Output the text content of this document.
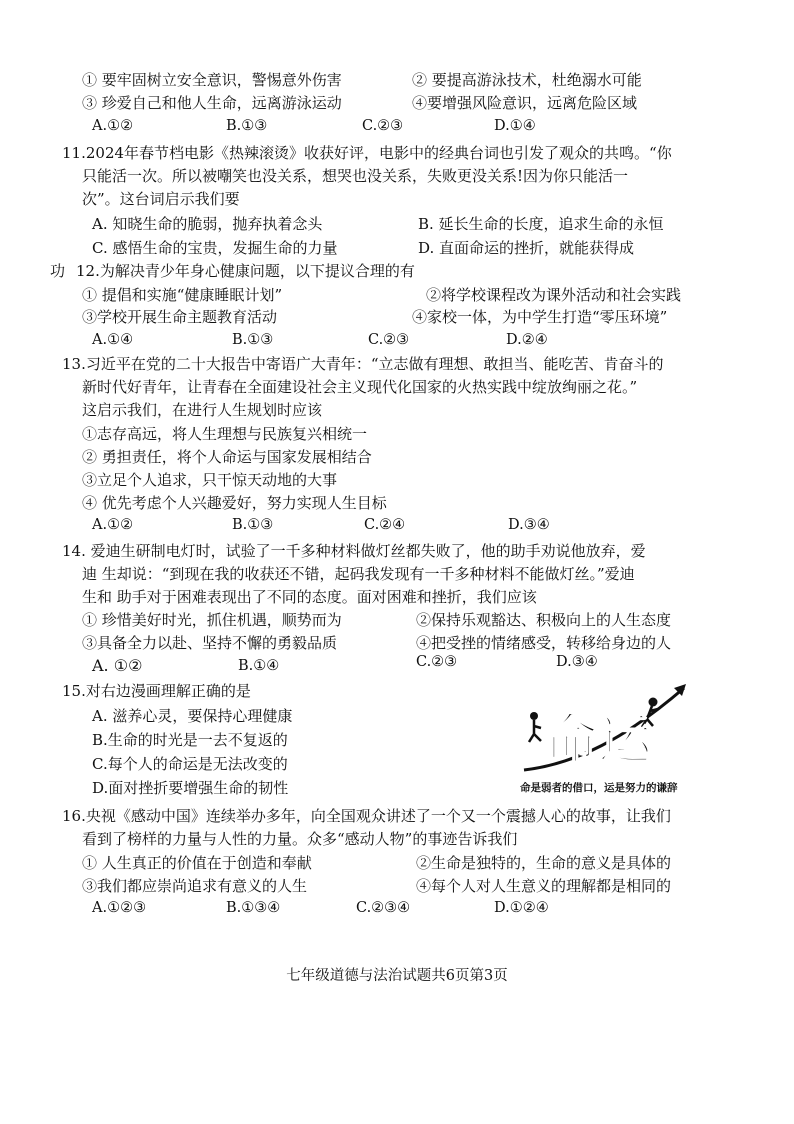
① 要牢固树立安全意识，警惕意外伤害	② 要提高游泳技术，杜绝溺水可能
③ 珍爱自己和他人生命，远离游泳运动	④要增强风险意识，远离危险区域
A.①②	B.①③	C.②③	D.①④
11.2024年春节档电影《热辣滚烫》收获好评，电影中的经典台词也引发了观众的共鸣。“你
只能活一次。所以被嘲笑也没关系，想哭也没关系，失败更没关系!因为你只能活一
次”。这台词启示我们要
A. 知晓生命的脆弱，抛弃执着念头	B. 延长生命的长度，追求生命的永恒
C. 感悟生命的宝贵，发掘生命的力量	D. 直面命运的挫折，就能获得成
功 12.为解决青少年身心健康问题，以下提议合理的有
① 提倡和实施“健康睡眠计划”	②将学校课程改为课外活动和社会实践
③学校开展生命主题教育活动	④家校一体，为中学生打造“零压环境”
A.①④	B.①③	C.②③	D.②④
13.习近平在党的二十大报告中寄语广大青年：“立志做有理想、敢担当、能吃苦、肯奋斗的
新时代好青年，让青春在全面建设社会主义现代化国家的火热实践中绽放绚丽之花。”
这启示我们，在进行人生规划时应该
①志存高远，将人生理想与民族复兴相统一
② 勇担责任，将个人命运与国家发展相结合
③立足个人追求，只干惊天动地的大事
④ 优先考虑个人兴趣爱好，努力实现人生目标
A.①②	B.①③	C.②④	D.③④
14. 爱迪生研制电灯时，试验了一千多种材料做灯丝都失败了，他的助手劝说他放弃，爱
迪 生却说：“到现在我的收获还不错，起码我发现有一千多种材料不能做灯丝。”爱迪
生和 助手对于困难表现出了不同的态度。面对困难和挫折，我们应该
① 珍惜美好时光，抓住机遇，顺势而为	②保持乐观豁达、积极向上的人生态度
③具备全力以赴、坚持不懈的勇毅品质	④把受挫的情绪感受，转移给身边的人
A. ①②	B.①④	C.②③	D.③④
15.对右边漫画理解正确的是
A. 滋养心灵，要保持心理健康
B.生命的时光是一去不复返的
C.每个人的命运是无法改变的
D.面对挫折要增强生命的韧性
命运
命是弱者的借口，运是努力的谦辞
16.央视《感动中国》连续举办多年，向全国观众讲述了一个又一个震撼人心的故事，让我们
看到了榜样的力量与人性的力量。众多“感动人物”的事迹告诉我们
① 人生真正的价值在于创造和奉献	②生命是独特的，生命的意义是具体的
③我们都应崇尚追求有意义的人生	④每个人对人生意义的理解都是相同的
A.①②③	B.①③④	C.②③④	D.①②④
七年级道德与法治试题共6页第3页
